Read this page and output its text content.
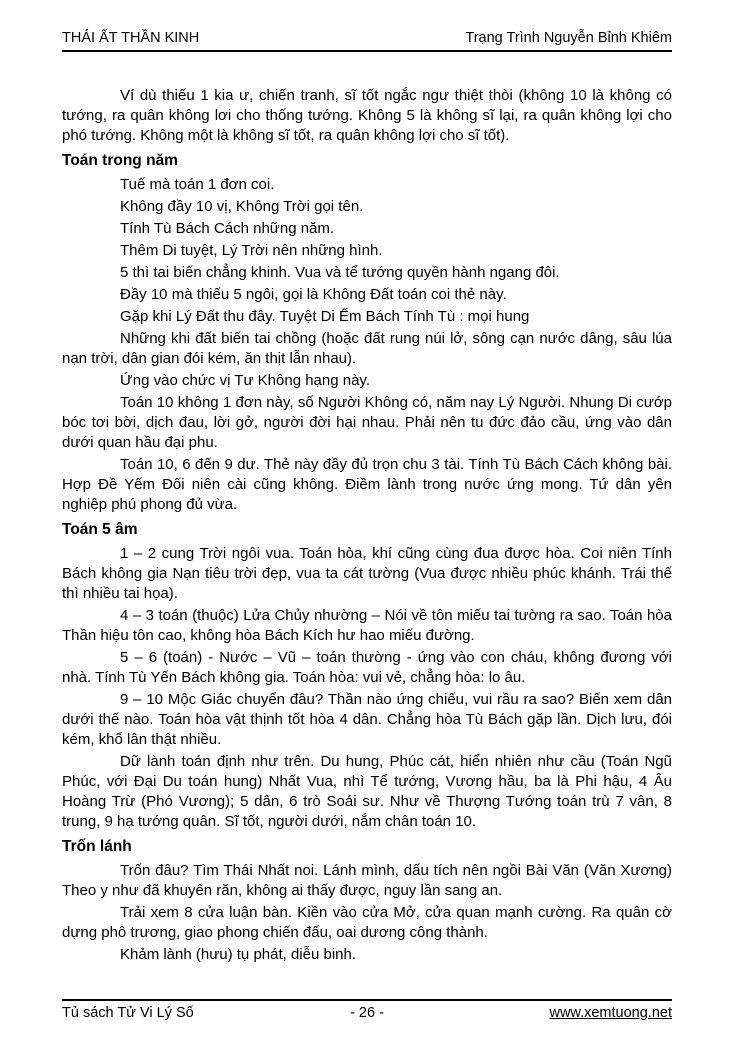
THÁI ẤT THẦN KINH	Trạng Trình Nguyễn Bỉnh Khiêm

Ví dù thiếu 1 kia ư, chiến tranh, sĩ tốt ngắc ngư thiệt thòi (không 10 là không có tướng, ra quân không lơi cho thống tướng. Không 5 là không sĩ lại, ra quân không lợi cho phó tướng. Không một là không sĩ tốt, ra quân không lợi cho sĩ tốt).

Toán trong năm

Tuế mà toán 1 đơn coi.

Không đầy 10 vị, Không Trời gọi tên.

Tính Tù Bách Cách những năm.

Thêm Di tuyệt, Lý Trời nên những hình.

5 thì tai biến chẳng khinh. Vua và tể tướng quyền hành ngang đôi.

Đầy 10 mà thiếu 5 ngôi, gọi là Không Đất toán coi thẻ này.

Gặp khi Lý Đất thu đây. Tuyệt Di Ếm Bách Tính Tù : mọi hung

Những khi đất biến tai chồng (hoặc đất rung núi lở, sông cạn nước dâng, sâu lúa nạn trời, dân gian đói kém, ăn thịt lẫn nhau).

Ứng vào chức vị Tư Không hạng này.

Toán 10 không 1 đơn này, số Người Không có, năm nay Lý Người. Nhung Di cướp bóc tơi bời, dịch đau, lời gở, người đời hại nhau. Phải nên tu đức đảo cầu, ứng vào dân dưới quan hầu đại phu.

Toán 10, 6 đến 9 dư. Thẻ này đầy đủ trọn chu 3 tài. Tính Tù Bách Cách không bài. Hợp Đề Yếm Đối niên cài cũng không. Điềm lành trong nước ứng mong. Tứ dân yên nghiệp phú phong đủ vừa.

Toán 5 âm

1 – 2 cung Trời ngôi vua. Toán hòa, khí cũng cùng đua được hòa. Coi niên Tính Bách không gia Nạn tiêu trời đẹp, vua ta cát tường (Vua được nhiều phúc khánh. Trái thế thì nhiều tai họa).

4 – 3 toán (thuộc) Lửa Chủy nhường – Nói về tôn miếu tai tường ra sao. Toán hòa Thần hiệu tôn cao, không hòa Bách Kích hư hao miếu đường.

5 – 6 (toán) - Nước – Vũ – toán thường - ứng vào con cháu, không đương với nhà. Tính Tù Yến Bách không gia. Toán hòa: vui vẻ, chẳng hòa: lo âu.

9 – 10 Mộc Giác chuyển đâu? Thần nào ứng chiếu, vui rầu ra sao? Biến xem dân dưới thế nào. Toán hòa vật thịnh tốt hòa 4 dân. Chẳng hòa Tù Bách gặp lần. Dịch lưu, đói kém, khổ lân thật nhiều.

Dữ lành toán định như trên. Du hung, Phúc cát, hiển nhiên như cầu (Toán Ngũ Phúc, với Đại Du toán hung) Nhất Vua, nhì Tể tướng, Vương hầu, ba là Phi hậu, 4 Âu Hoàng Trừ (Phó Vương); 5 dân, 6 trò Soái sư. Như về Thượng Tướng toán trù 7 vân, 8 trung, 9 hạ tướng quân. Sĩ tốt, người dưới, nắm chân toán 10.

Trốn lánh

Trốn đâu? Tìm Thái Nhất noi. Lánh mình, dấu tích nên ngồi Bài Văn (Văn Xương) Theo y như đã khuyên răn, không ai thấy được, nguy lần sang an.

Trải xem 8 cửa luận bàn. Kiền vào cửa Mở, cửa quan mạnh cường. Ra quân cờ dựng phô trương, giao phong chiến đấu, oai dương công thành.

Khảm lành (hưu) tụ phát, diễu binh.

Tủ sách Tử Vi Lý Số	- 26 -	www.xemtuong.net
